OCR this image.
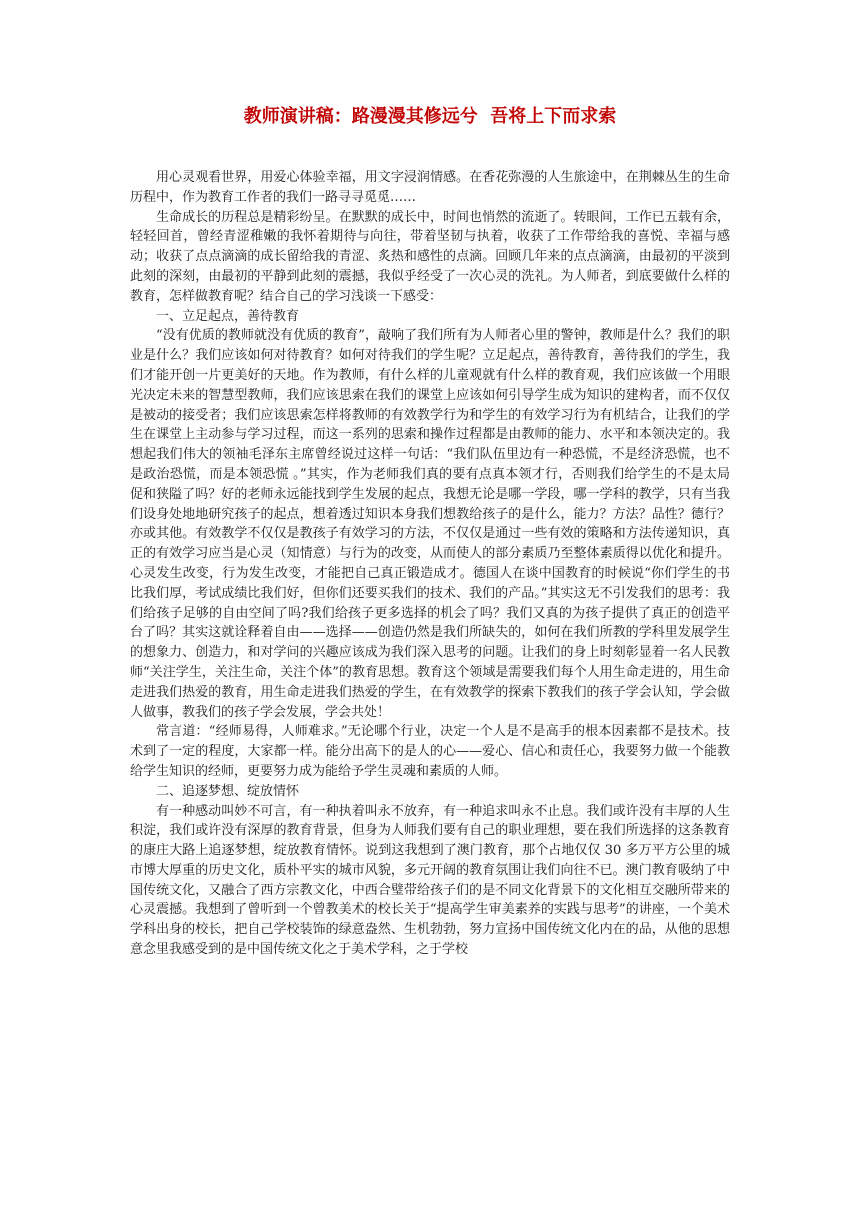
教师演讲稿：路漫漫其修远兮  吾将上下而求索

用心灵观看世界，用爱心体验幸福，用文字浸润情感。在香花弥漫的人生旅途中，在荆棘丛生的生命历程中，作为教育工作者的我们一路寻寻觅觅……

生命成长的历程总是精彩纷呈。在默默的成长中，时间也悄然的流逝了。转眼间，工作已五载有余，轻轻回首，曾经青涩稚嫩的我怀着期待与向往，带着坚韧与执着，收获了工作带给我的喜悦、幸福与感动；收获了点点滴滴的成长留给我的青涩、炙热和感性的点滴。回顾几年来的点点滴滴，由最初的平淡到此刻的深刻，由最初的平静到此刻的震撼，我似乎经受了一次心灵的洗礼。为人师者，到底要做什么样的教育，怎样做教育呢？结合自己的学习浅谈一下感受：

一、立足起点，善待教育

“没有优质的教师就没有优质的教育”，敲响了我们所有为人师者心里的警钟，教师是什么？我们的职业是什么？我们应该如何对待教育？如何对待我们的学生呢？立足起点，善待教育，善待我们的学生，我们才能开创一片更美好的天地。作为教师，有什么样的儿童观就有什么样的教育观，我们应该做一个用眼光决定未来的智慧型教师，我们应该思索在我们的课堂上应该如何引导学生成为知识的建构者，而不仅仅是被动的接受者；我们应该思索怎样将教师的有效教学行为和学生的有效学习行为有机结合，让我们的学生在课堂上主动参与学习过程，而这一系列的思索和操作过程都是由教师的能力、水平和本领决定的。我想起我们伟大的领袖毛泽东主席曾经说过这样一句话：“我们队伍里边有一种恐慌，不是经济恐慌，也不是政治恐慌，而是本领恐慌 。”其实，作为老师我们真的要有点真本领才行，否则我们给学生的不是太局促和狭隘了吗？好的老师永远能找到学生发展的起点，我想无论是哪一学段，哪一学科的教学，只有当我们设身处地地研究孩子的起点，想着透过知识本身我们想教给孩子的是什么，能力？方法？品性？德行？亦或其他。有效教学不仅仅是教孩子有效学习的方法，不仅仅是通过一些有效的策略和方法传递知识，真正的有效学习应当是心灵（知情意）与行为的改变，从而使人的部分素质乃至整体素质得以优化和提升。心灵发生改变，行为发生改变，才能把自己真正锻造成才。德国人在谈中国教育的时候说“你们学生的书比我们厚，考试成绩比我们好，但你们还要买我们的技术、我们的产品。”其实这无不引发我们的思考：我们给孩子足够的自由空间了吗?我们给孩子更多选择的机会了吗？我们又真的为孩子提供了真正的创造平台了吗？其实这就诠释着自由——选择——创造仍然是我们所缺失的，如何在我们所教的学科里发展学生的想象力、创造力，和对学问的兴趣应该成为我们深入思考的问题。让我们的身上时刻彰显着一名人民教师“关注学生，关注生命，关注个体”的教育思想。教育这个领域是需要我们每个人用生命走进的，用生命走进我们热爱的教育，用生命走进我们热爱的学生，在有效教学的探索下教我们的孩子学会认知，学会做人做事，教我们的孩子学会发展，学会共处！

常言道：“经师易得，人师难求。”无论哪个行业，决定一个人是不是高手的根本因素都不是技术。技术到了一定的程度，大家都一样。能分出高下的是人的心——爱心、信心和责任心，我要努力做一个能教给学生知识的经师，更要努力成为能给予学生灵魂和素质的人师。

二、追逐梦想、绽放情怀

有一种感动叫妙不可言，有一种执着叫永不放弃，有一种追求叫永不止息。我们或许没有丰厚的人生积淀，我们或许没有深厚的教育背景，但身为人师我们要有自己的职业理想，要在我们所选择的这条教育的康庄大路上追逐梦想，绽放教育情怀。说到这我想到了澳门教育，那个占地仅仅 30 多万平方公里的城市博大厚重的历史文化，质朴平实的城市风貌，多元开阔的教育氛围让我们向往不已。澳门教育吸纳了中国传统文化，又融合了西方宗教文化，中西合璧带给孩子们的是不同文化背景下的文化相互交融所带来的心灵震撼。我想到了曾听到一个曾教美术的校长关于“提高学生审美素养的实践与思考”的讲座，一个美术学科出身的校长，把自己学校装饰的绿意盎然、生机勃勃，努力宣扬中国传统文化内在的品，从他的思想意念里我感受到的是中国传统文化之于美术学科，之于学校
